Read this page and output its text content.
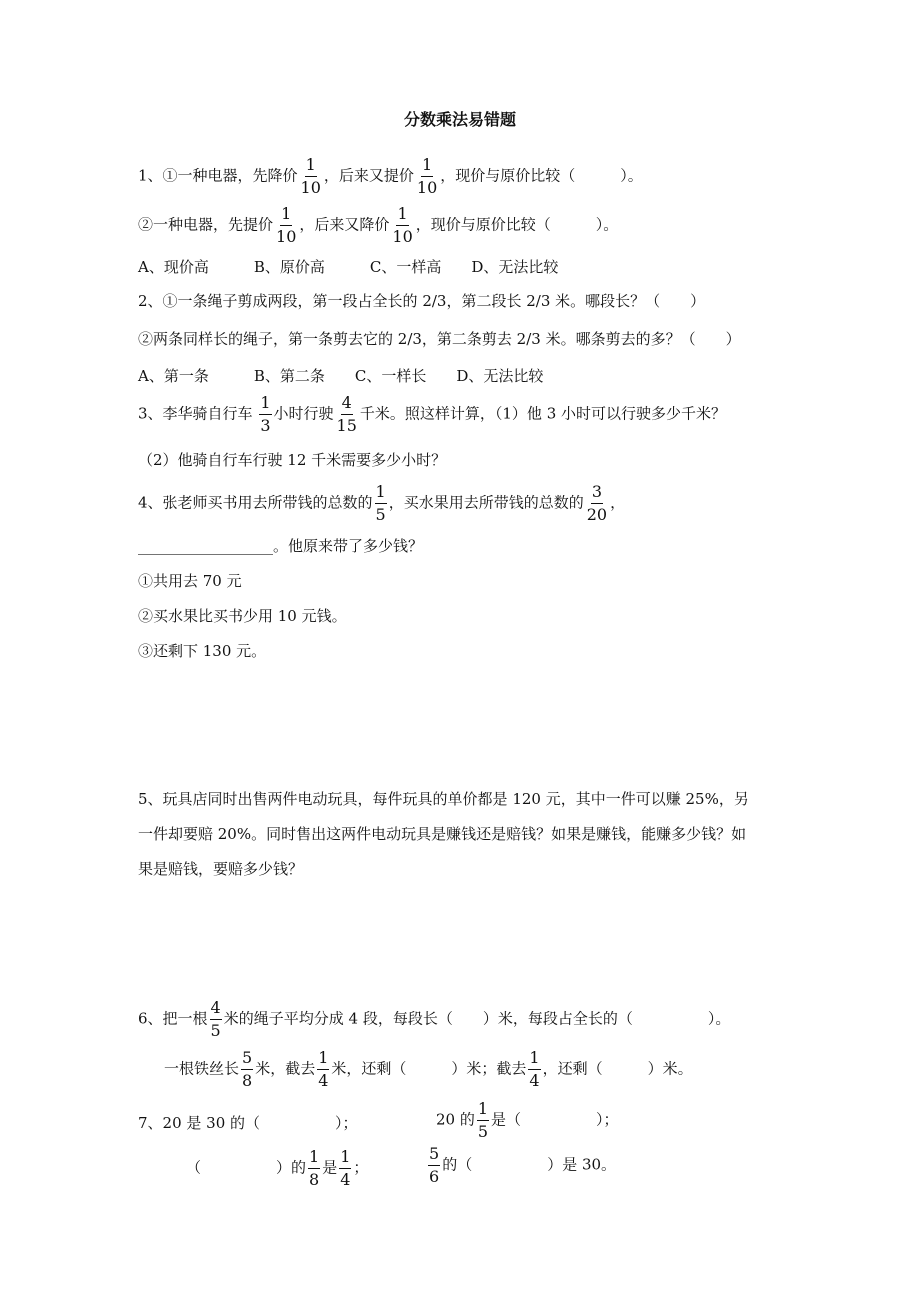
分数乘法易错题
1、①一种电器，先降价 $\frac{1}{10}$ ，后来又提价 $\frac{1}{10}$ ，现价与原价比较（　　　）。
②一种电器，先提价 $\frac{1}{10}$ ，后来又降价 $\frac{1}{10}$ ，现价与原价比较（　　　）。
A、现价高　　　B、原价高　　　C、一样高　　D、无法比较
2、①一条绳子剪成两段，第一段占全长的 2/3，第二段长 2/3 米。哪段长？（　　）
②两条同样长的绳子，第一条剪去它的 2/3，第二条剪去 2/3 米。哪条剪去的多？（　　）
A、第一条　　　B、第二条　　C、一样长　　D、无法比较
3、李华骑自行车 $\frac{1}{3}$ 小时行驶 $\frac{4}{15}$ 千米。照这样计算，（1）他 3 小时可以行驶多少千米？
（2）他骑自行车行驶 12 千米需要多少小时？
4、张老师买书用去所带钱的总数的 $\frac{1}{5}$ ，买水果用去所带钱的总数的 $\frac{3}{20}$ ，
__________________。他原来带了多少钱？
①共用去 70 元
②买水果比买书少用 10 元钱。
③还剩下 130 元。
5、玩具店同时出售两件电动玩具，每件玩具的单价都是 120 元，其中一件可以赚 25%，另
一件却要赔 20%。同时售出这两件电动玩具是赚钱还是赔钱？如果是赚钱，能赚多少钱？如
果是赔钱，要赔多少钱？
6、把一根 $\frac{4}{5}$ 米的绳子平均分成 4 段，每段长（　　）米，每段占全长的（　　　　　）。
一根铁丝长 $\frac{5}{8}$ 米，截去 $\frac{1}{4}$ 米，还剩（　　　）米；截去 $\frac{1}{4}$ ，还剩（　　　）米。
7、20 是 30 的（　　　　　）；	20 的 $\frac{1}{5}$ 是（　　　　　）；
（　　　　　）的 $\frac{1}{8}$ 是 $\frac{1}{4}$ ；	$\frac{5}{6}$ 的（　　　　　）是 30。
